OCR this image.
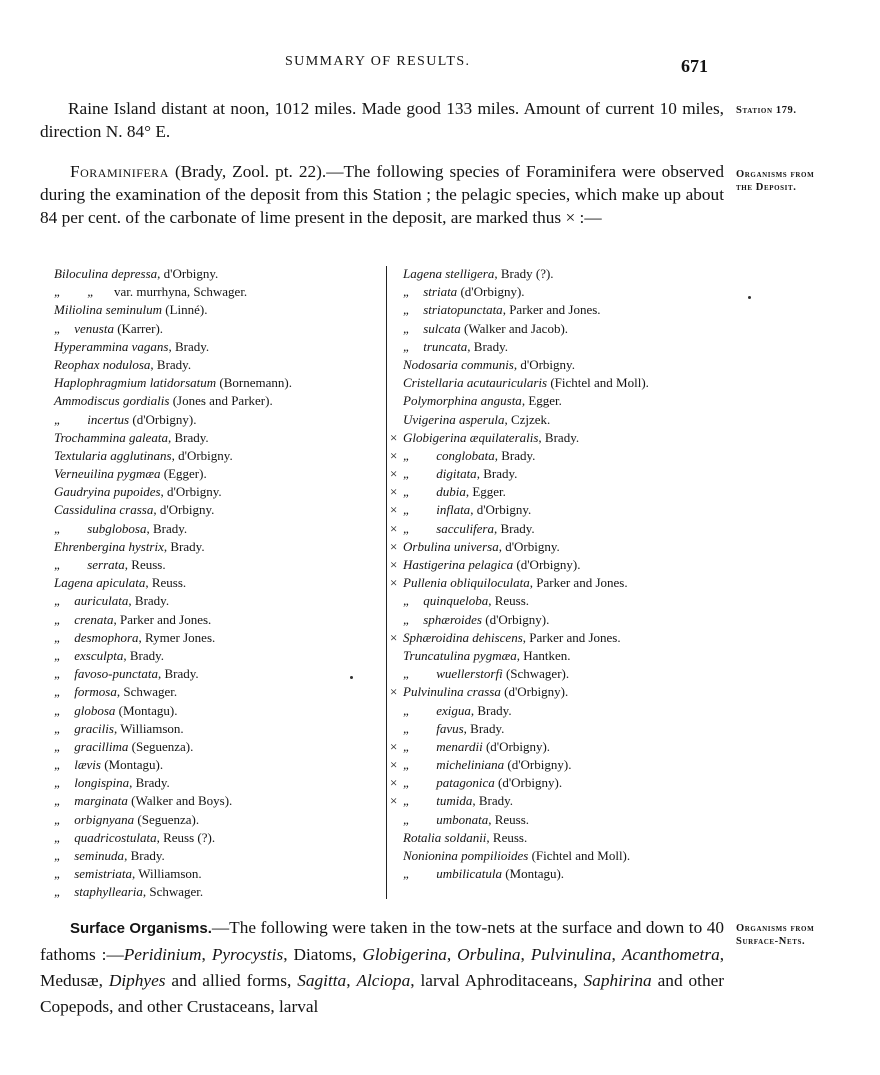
SUMMARY OF RESULTS.	671

Raine Island distant at noon, 1012 miles. Made good 133 miles. Amount of current 10 miles, direction N. 84° E.

Station 179.

Foraminifera (Brady, Zool. pt. 22).—The following species of Foraminifera were observed during the examination of the deposit from this Station ; the pelagic species, which make up about 84 per cent. of the carbonate of lime present in the deposit, are marked thus × :—

Organisms from
the Deposit.
Biloculina depressa, d'Orbigny.
„        „      var. murrhyna, Schwager.
Miliolina seminulum (Linné).
„    venusta (Karrer).
Hyperammina vagans, Brady.
Reophax nodulosa, Brady.
Haplophragmium latidorsatum (Bornemann).
Ammodiscus gordialis (Jones and Parker).
„        incertus (d'Orbigny).
Trochammina galeata, Brady.
Textularia agglutinans, d'Orbigny.
Verneuilina pygmæa (Egger).
Gaudryina pupoides, d'Orbigny.
Cassidulina crassa, d'Orbigny.
„        subglobosa, Brady.
Ehrenbergina hystrix, Brady.
„        serrata, Reuss.
Lagena apiculata, Reuss.
„    auriculata, Brady.
„    crenata, Parker and Jones.
„    desmophora, Rymer Jones.
„    exsculpta, Brady.
„    favoso-punctata, Brady.
„    formosa, Schwager.
„    globosa (Montagu).
„    gracilis, Williamson.
„    gracillima (Seguenza).
„    lævis (Montagu).
„    longispina, Brady.
„    marginata (Walker and Boys).
„    orbignyana (Seguenza).
„    quadricostulata, Reuss (?).
„    seminuda, Brady.
„    semistriata, Williamson.
„    staphyllearia, Schwager.
Lagena stelligera, Brady (?).
„    striata (d'Orbigny).
„    striatopunctata, Parker and Jones.
„    sulcata (Walker and Jacob).
„    truncata, Brady.
Nodosaria communis, d'Orbigny.
Cristellaria acutauricularis (Fichtel and Moll).
Polymorphina angusta, Egger.
Uvigerina asperula, Czjzek.
× Globigerina æquilateralis, Brady.
× „        conglobata, Brady.
× „        digitata, Brady.
× „        dubia, Egger.
× „        inflata, d'Orbigny.
× „        sacculifera, Brady.
× Orbulina universa, d'Orbigny.
× Hastigerina pelagica (d'Orbigny).
× Pullenia obliquiloculata, Parker and Jones.
„    quinqueloba, Reuss.
„    sphæroides (d'Orbigny).
× Sphæroidina dehiscens, Parker and Jones.
Truncatulina pygmæa, Hantken.
„        wuellerstorfi (Schwager).
× Pulvinulina crassa (d'Orbigny).
„        exigua, Brady.
„        favus, Brady.
× „        menardii (d'Orbigny).
× „        micheliniana (d'Orbigny).
× „        patagonica (d'Orbigny).
× „        tumida, Brady.
„        umbonata, Reuss.
Rotalia soldanii, Reuss.
Nonionina pompilioides (Fichtel and Moll).
„        umbilicatula (Montagu).

Surface Organisms.—The following were taken in the tow-nets at the surface and down to 40 fathoms :—Peridinium, Pyrocystis, Diatoms, Globigerina, Orbulina, Pulvinulina, Acanthometra, Medusæ, Diphyes and allied forms, Sagitta, Alciopa, larval Aphroditaceans, Saphirina and other Copepods, and other Crustaceans, larval

Organisms from
Surface-Nets.
